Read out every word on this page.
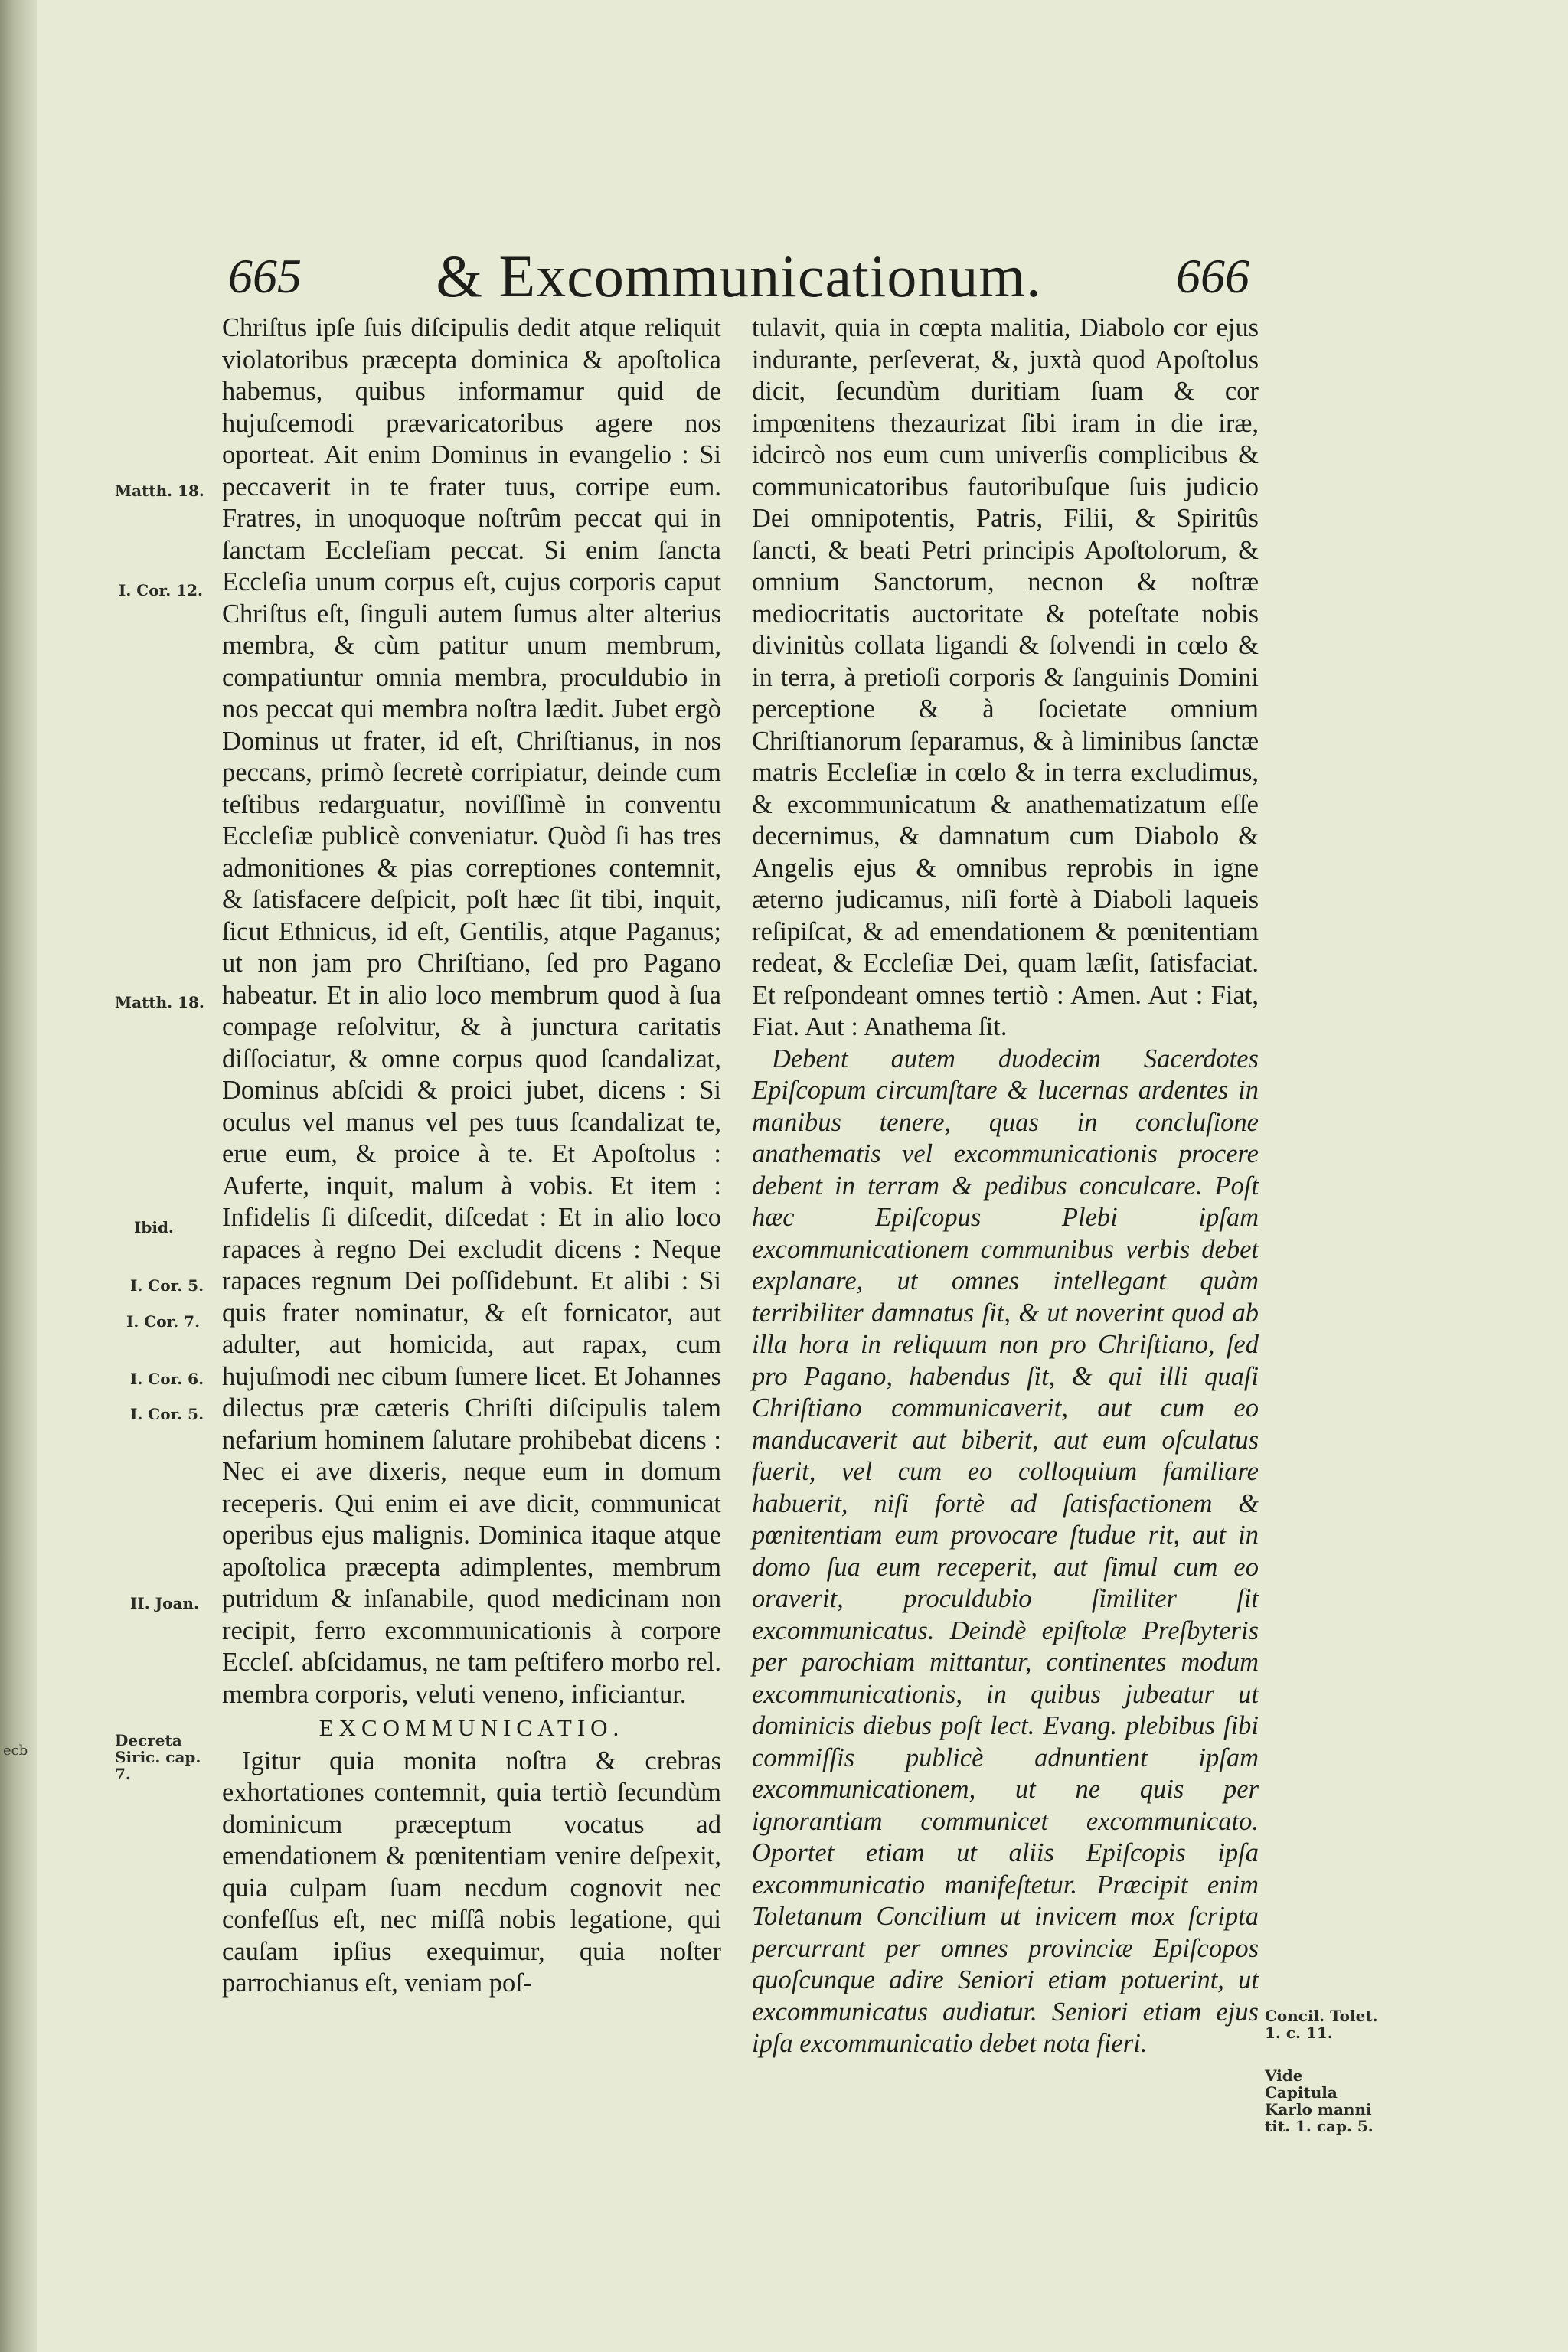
ecb
665	& Excommunicationum.	666
Matth. 18.
I. Cor. 12.
Matth. 18.
Ibid.
I. Cor. 5.
I. Cor. 7.
I. Cor. 6.
I. Cor. 5.
II. Joan.
Decreta Siric. cap. 7.
Concil. Tolet. 1. c. 11.
Vide Capitula Karlo manni tit. 1. cap. 5.

Chriſtus ipſe ſuis diſcipulis dedit atque reliquit violatoribus præcepta dominica & apoſtolica habemus, quibus informamur quid de hujuſcemodi prævaricatoribus agere nos oporteat. Ait enim Dominus in evangelio : Si peccaverit in te frater tuus, corripe eum. Fratres, in unoquoque noſtrûm peccat qui in ſanctam Eccleſiam peccat. Si enim ſancta Eccleſia unum corpus eſt, cujus corporis caput Chriſtus eſt, ſinguli autem ſumus alter alterius membra, & cùm patitur unum membrum, compatiuntur omnia membra, proculdubio in nos peccat qui membra noſtra lædit. Jubet ergò Dominus ut frater, id eſt, Chriſtianus, in nos peccans, primò ſecretè corripiatur, deinde cum teſtibus redarguatur, noviſſimè in conventu Eccleſiæ publicè conveniatur. Quòd ſi has tres admonitiones & pias correptiones contemnit, & ſatisfacere deſpicit, poſt hæc ſit tibi, inquit, ſicut Ethnicus, id eſt, Gentilis, atque Paganus; ut non jam pro Chriſtiano, ſed pro Pagano habeatur. Et in alio loco membrum quod à ſua compage reſolvitur, & à junctura caritatis diſſociatur, & omne corpus quod ſcandalizat, Dominus abſcidi & proici jubet, dicens : Si oculus vel manus vel pes tuus ſcandalizat te, erue eum, & proice à te. Et Apoſtolus : Auferte, inquit, malum à vobis. Et item : Infidelis ſi diſcedit, diſcedat : Et in alio loco rapaces à regno Dei excludit dicens : Neque rapaces regnum Dei poſſidebunt. Et alibi : Si quis frater nominatur, & eſt fornicator, aut adulter, aut homicida, aut rapax, cum hujuſmodi nec cibum ſumere licet. Et Johannes dilectus præ cæteris Chriſti diſcipulis talem nefarium hominem ſalutare prohibebat dicens : Nec ei ave dixeris, neque eum in domum receperis. Qui enim ei ave dicit, communicat operibus ejus malignis. Dominica itaque atque apoſtolica præcepta adimplentes, membrum putridum & inſanabile, quod medicinam non recipit, ferro excommunicationis à corpore Eccleſ. abſcidamus, ne tam peſtifero morbo rel. membra corporis, veluti veneno, inficiantur.

EXCOMMUNICATIO.

Igitur quia monita noſtra & crebras exhortationes contemnit, quia tertiò ſecundùm dominicum præceptum vocatus ad emendationem & pœnitentiam venire deſpexit, quia culpam ſuam necdum cognovit nec confeſſus eſt, nec miſſâ nobis legatione, qui cauſam ipſius exequimur, quia noſter parrochianus eſt, veniam poſ-

tulavit, quia in cœpta malitia, Diabolo cor ejus indurante, perſeverat, &, juxtà quod Apoſtolus dicit, ſecundùm duritiam ſuam & cor impœnitens thezaurizat ſibi iram in die iræ, idcircò nos eum cum univerſis complicibus & communicatoribus fautoribuſque ſuis judicio Dei omnipotentis, Patris, Filii, & Spiritûs ſancti, & beati Petri principis Apoſtolorum, & omnium Sanctorum, necnon & noſtræ mediocritatis auctoritate & poteſtate nobis divinitùs collata ligandi & ſolvendi in cœlo & in terra, à pretioſi corporis & ſanguinis Domini perceptione & à ſocietate omnium Chriſtianorum ſeparamus, & à liminibus ſanctæ matris Eccleſiæ in cœlo & in terra excludimus, & excommunicatum & anathematizatum eſſe decernimus, & damnatum cum Diabolo & Angelis ejus & omnibus reprobis in igne æterno judicamus, niſi fortè à Diaboli laqueis reſipiſcat, & ad emendationem & pœnitentiam redeat, & Eccleſiæ Dei, quam læſit, ſatisfaciat. Et reſpondeant omnes tertiò : Amen. Aut : Fiat, Fiat. Aut : Anathema ſit.

Debent autem duodecim Sacerdotes Epiſcopum circumſtare & lucernas ardentes in manibus tenere, quas in concluſione anathematis vel excommunicationis procere debent in terram & pedibus conculcare. Poſt hæc Epiſcopus Plebi ipſam excommunicationem communibus verbis debet explanare, ut omnes intellegant quàm terribiliter damnatus ſit, & ut noverint quod ab illa hora in reliquum non pro Chriſtiano, ſed pro Pagano, habendus ſit, & qui illi quaſi Chriſtiano communicaverit, aut cum eo manducaverit aut biberit, aut eum oſculatus fuerit, vel cum eo colloquium familiare habuerit, niſi fortè ad ſatisfactionem & pœnitentiam eum provocare ſtudue rit, aut in domo ſua eum receperit, aut ſimul cum eo oraverit, proculdubio ſimiliter ſit excommunicatus. Deindè epiſtolæ Preſbyteris per parochiam mittantur, continentes modum excommunicationis, in quibus jubeatur ut dominicis diebus poſt lect. Evang. plebibus ſibi commiſſis publicè adnuntient ipſam excommunicationem, ut ne quis per ignorantiam communicet excommunicato. Oportet etiam ut aliis Epiſcopis ipſa excommunicatio manifeſtetur. Præcipit enim Toletanum Concilium ut invicem mox ſcripta percurrant per omnes provinciæ Epiſcopos quoſcunque adire Seniori etiam potuerint, ut excommunicatus audiatur. Seniori etiam ejus ipſa excommunicatio debet nota fieri.
